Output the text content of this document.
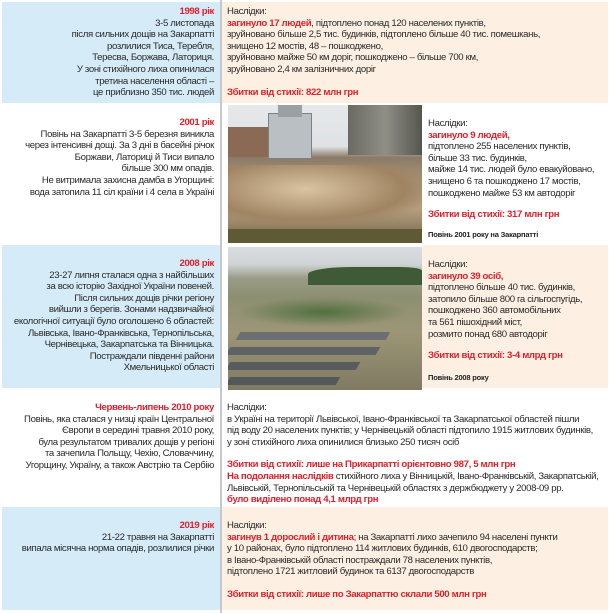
1998 рік

3-5 листопада

після сильних дощів на Закарпатті

розлилися Тиса, Теребля,

Тересва, Боржава, Латориця.

У зоні стихійного лиха опинилася

третина населення області –

це приблизно 350 тис. людей

Наслідки:

загинуло 17 людей, підтоплено понад 120 населених пунктів,

зруйновано більше 2,5 тис. будинків, підтоплено більше 40 тис. помешкань,

знищено 12 мостів, 48 – пошкоджено,

зруйновано майже 50 км доріг, пошкоджено – більше 700 км,

зруйновано 2,4 км залізничних доріг

Збитки від стихії: 822 млн грн

2001 рік

Повінь на Закарпатті 3-5 березня виникла

через інтенсивні дощі. За 3 дні в басейні річок

Боржави, Латориці й Тиси випало

більше 300 мм опадів.

Не витримала захисна дамба в Угорщині:

вода затопила 11 сіл країни і 4 села в Україні

Наслідки:

загинуло 9 людей,

підтоплено 255 населених пунктів,

більше 33 тис. будинків,

майже 14 тис. людей було евакуйовано,

знищено 6 та пошкоджено 17 мостів,

пошкоджено майже 53 км автодоріг

Збитки від стихії: 317 млн грн

Повінь 2001 року на Закарпатті

2008 рік

23-27 липня сталася одна з найбільших

за всю історію Західної України повеней.

Після сильних дощів річки регіону

вийшли з берегів. Зонами надзвичайної

екологічної ситуації було оголошено 6 областей:

Львівська, Івано-Франківська, Тернопільська,

Чернівецька, Закарпатська та Вінницька.

Постраждали південні райони

Хмельницької області

Наслідки:

загинуло 39 осіб,

підтоплено більше 40 тис. будинків,

затопило більше 800 га сільгоспугідь,

пошкоджено 360 автомобільних

та 561 пішохідний міст,

розмито понад 680 автодоріг

Збитки від стихії: 3-4 млрд грн

Повінь 2008 року

Червень-липень 2010 року

Повінь, яка сталася у низці країн Центральної

Європи в середині травня 2010 року,

була результатом тривалих дощів у регіоні

та зачепила Польщу, Чехію, Словаччину,

Угорщину, Україну, а також Австрію та Сербію

Наслідки:

в Україні на території Львівської, Івано-Франківської та Закарпатської областей пішли

під воду 20 населених пунктів; у Чернівецькій області підтопило 1915 житлових будинків,

у зоні стихійного лиха опинилися близько 250 тисяч осіб

Збитки від стихії: лише на Прикарпатті орієнтовно 987, 5 млн грн

На подолання наслідків стихійного лиха у Вінницькій, Івано-Франківській, Закарпатській,

Львівській, Тернопільській та Чернівецькій областях з держбюджету у 2008-09 рр.

було виділено понад 4,1 млрд грн

2019 рік

21-22 травня на Закарпатті

випала місячна норма опадів, розлилися річки

Наслідки:

загинув 1 дорослий і дитина; на Закарпатті лихо зачепило 94 населені пункти

у 10 районах, було підтоплено 114 житлових будинків, 610 двогосподарств;

в Івано-Франківській області постраждали 78 населених пунктів,

підтоплено 1721 житловий будинок та 6137 двогосподарств

Збитки від стихії: лише по Закарпаттю склали 500 млн грн
